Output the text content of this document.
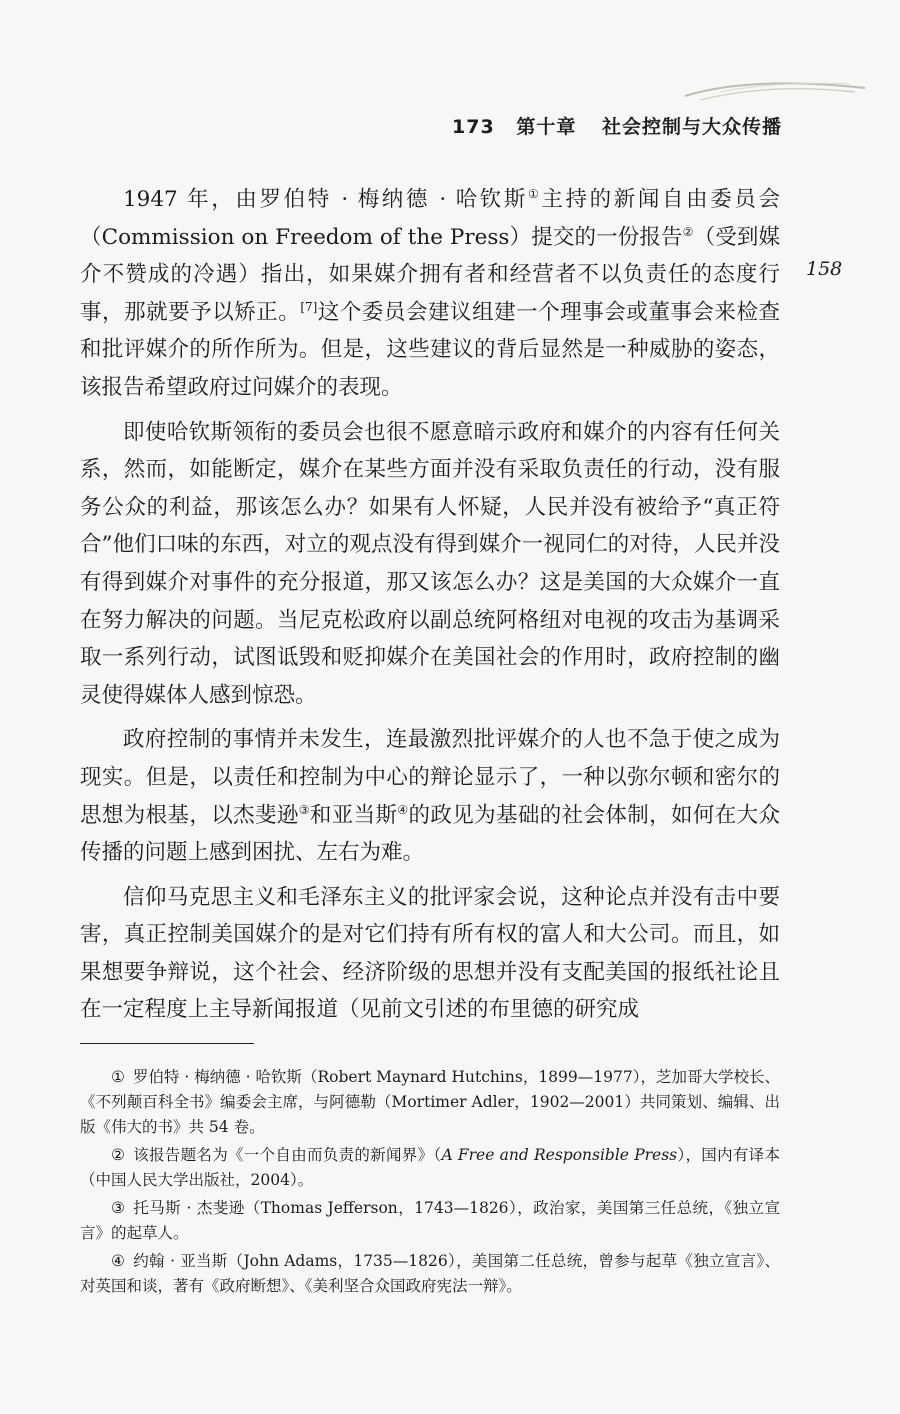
173 第十章 社会控制与大众传播
158

1947 年，由罗伯特 · 梅纳德 · 哈钦斯①主持的新闻自由委员会（Commission on Freedom of the Press）提交的一份报告②（受到媒介不赞成的冷遇）指出，如果媒介拥有者和经营者不以负责任的态度行事，那就要予以矫正。[7]这个委员会建议组建一个理事会或董事会来检查和批评媒介的所作所为。但是，这些建议的背后显然是一种威胁的姿态，该报告希望政府过问媒介的表现。

即使哈钦斯领衔的委员会也很不愿意暗示政府和媒介的内容有任何关系，然而，如能断定，媒介在某些方面并没有采取负责任的行动，没有服务公众的利益，那该怎么办？如果有人怀疑，人民并没有被给予“真正符合”他们口味的东西，对立的观点没有得到媒介一视同仁的对待，人民并没有得到媒介对事件的充分报道，那又该怎么办？这是美国的大众媒介一直在努力解决的问题。当尼克松政府以副总统阿格纽对电视的攻击为基调采取一系列行动，试图诋毁和贬抑媒介在美国社会的作用时，政府控制的幽灵使得媒体人感到惊恐。

政府控制的事情并未发生，连最激烈批评媒介的人也不急于使之成为现实。但是，以责任和控制为中心的辩论显示了，一种以弥尔顿和密尔的思想为根基，以杰斐逊③和亚当斯④的政见为基础的社会体制，如何在大众传播的问题上感到困扰、左右为难。

信仰马克思主义和毛泽东主义的批评家会说，这种论点并没有击中要害，真正控制美国媒介的是对它们持有所有权的富人和大公司。而且，如果想要争辩说，这个社会、经济阶级的思想并没有支配美国的报纸社论且在一定程度上主导新闻报道（见前文引述的布里德的研究成

① 罗伯特 · 梅纳德 · 哈钦斯（Robert Maynard Hutchins，1899—1977），芝加哥大学校长、《不列颠百科全书》编委会主席，与阿德勒（Mortimer Adler，1902—2001）共同策划、编辑、出版《伟大的书》共 54 卷。

② 该报告题名为《一个自由而负责的新闻界》（A Free and Responsible Press），国内有译本（中国人民大学出版社，2004）。

③ 托马斯 · 杰斐逊（Thomas Jefferson，1743—1826），政治家，美国第三任总统，《独立宣言》的起草人。

④ 约翰 · 亚当斯（John Adams，1735—1826），美国第二任总统，曾参与起草《独立宣言》、对英国和谈，著有《政府断想》、《美利坚合众国政府宪法一辩》。
